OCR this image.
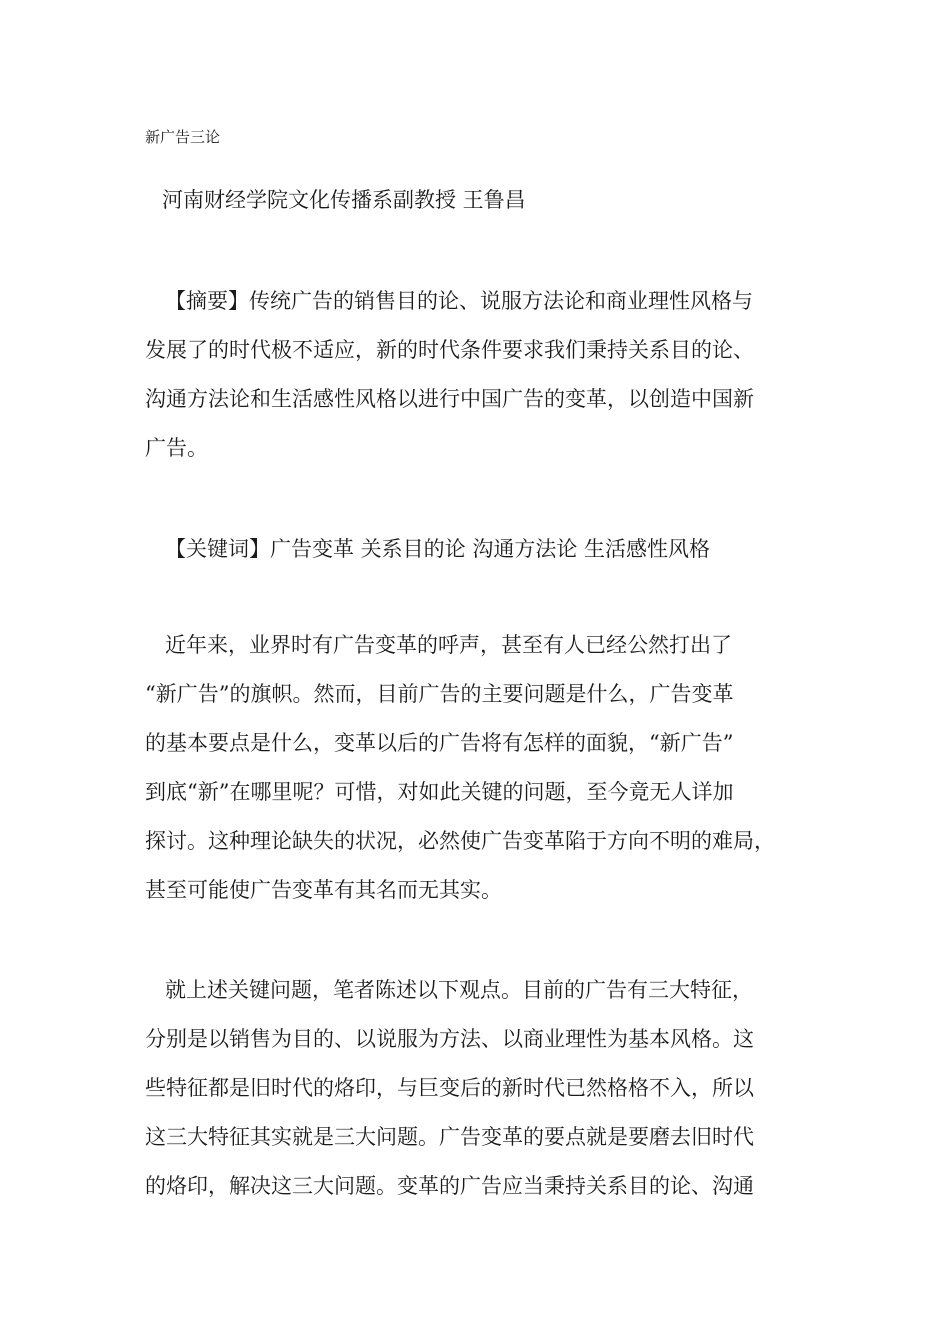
新广告三论
河南财经学院文化传播系副教授 王鲁昌
【摘要】传统广告的销售目的论、说服方法论和商业理性风格与
发展了的时代极不适应，新的时代条件要求我们秉持关系目的论、
沟通方法论和生活感性风格以进行中国广告的变革，以创造中国新
广告。
【关键词】广告变革 关系目的论 沟通方法论 生活感性风格
近年来，业界时有广告变革的呼声，甚至有人已经公然打出了
“新广告”的旗帜。然而，目前广告的主要问题是什么，广告变革
的基本要点是什么，变革以后的广告将有怎样的面貌，“新广告”
到底“新”在哪里呢？可惜，对如此关键的问题，至今竟无人详加
探讨。这种理论缺失的状况，必然使广告变革陷于方向不明的难局，
甚至可能使广告变革有其名而无其实。
就上述关键问题，笔者陈述以下观点。目前的广告有三大特征，
分别是以销售为目的、以说服为方法、以商业理性为基本风格。这
些特征都是旧时代的烙印，与巨变后的新时代已然格格不入，所以
这三大特征其实就是三大问题。广告变革的要点就是要磨去旧时代
的烙印，解决这三大问题。变革的广告应当秉持关系目的论、沟通
